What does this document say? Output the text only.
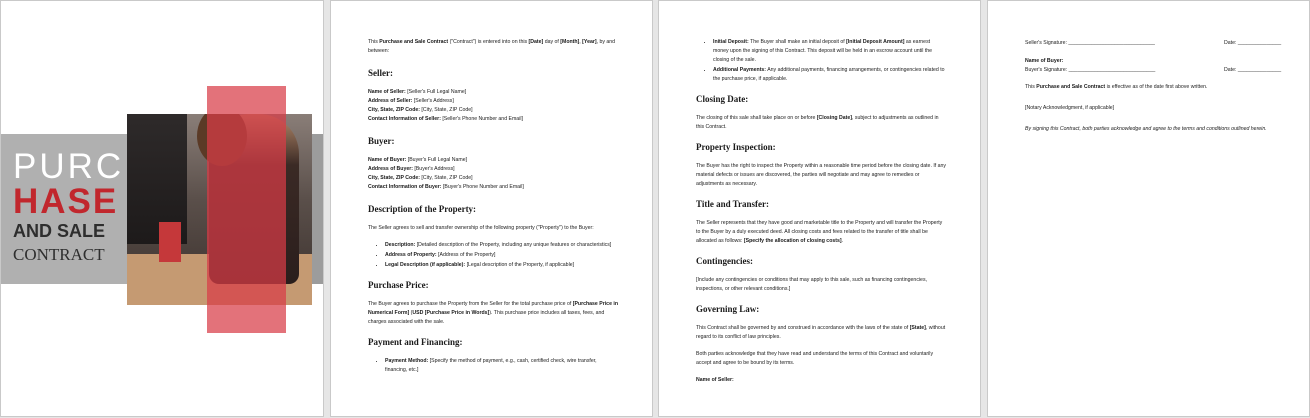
PURC
HASE
AND SALE
CONTRACT

This Purchase and Sale Contract ("Contract") is entered into on this [Date] day of [Month], [Year], by and between:

Seller:
Name of Seller: [Seller's Full Legal Name]
Address of Seller: [Seller's Address]
City, State, ZIP Code: [City, State, ZIP Code]
Contact Information of Seller: [Seller's Phone Number and Email]
Buyer:
Name of Buyer: [Buyer's Full Legal Name]
Address of Buyer: [Buyer's Address]
City, State, ZIP Code: [City, State, ZIP Code]
Contact Information of Buyer: [Buyer's Phone Number and Email]
Description of the Property:

The Seller agrees to sell and transfer ownership of the following property ("Property") to the Buyer:

• Description: [Detailed description of the Property, including any unique features or characteristics]
• Address of Property: [Address of the Property]
• Legal Description (if applicable): [Legal description of the Property, if applicable]
Purchase Price:

The Buyer agrees to purchase the Property from the Seller for the total purchase price of [Purchase Price in Numerical Form] (USD [Purchase Price in Words]). This purchase price includes all taxes, fees, and charges associated with the sale.

Payment and Financing:
• Payment Method: [Specify the method of payment, e.g., cash, certified check, wire transfer, financing, etc.]
• Initial Deposit: The Buyer shall make an initial deposit of [Initial Deposit Amount] as earnest money upon the signing of this Contract. This deposit will be held in an escrow account until the closing of the sale.
• Additional Payments: Any additional payments, financing arrangements, or contingencies related to the purchase price, if applicable.
Closing Date:

The closing of this sale shall take place on or before [Closing Date], subject to adjustments as outlined in this Contract.

Property Inspection:

The Buyer has the right to inspect the Property within a reasonable time period before the closing date. If any material defects or issues are discovered, the parties will negotiate and may agree to remedies or adjustments as necessary.

Title and Transfer:

The Seller represents that they have good and marketable title to the Property and will transfer the Property to the Buyer by a duly executed deed. All closing costs and fees related to the transfer of title shall be allocated as follows: [Specify the allocation of closing costs].

Contingencies:

[Include any contingencies or conditions that may apply to this sale, such as financing contingencies, inspections, or other relevant conditions.]

Governing Law:

This Contract shall be governed by and construed in accordance with the laws of the state of [State], without regard to its conflict of law principles.

Both parties acknowledge that they have read and understand the terms of this Contract and voluntarily accept and agree to be bound by its terms.

Name of Seller:

Seller's Signature: ______________________________	Date: _______________
Name of Buyer:
Buyer's Signature: ______________________________	Date: _______________

This Purchase and Sale Contract is effective as of the date first above written.

[Notary Acknowledgment, if applicable]

By signing this Contract, both parties acknowledge and agree to the terms and conditions outlined herein.
